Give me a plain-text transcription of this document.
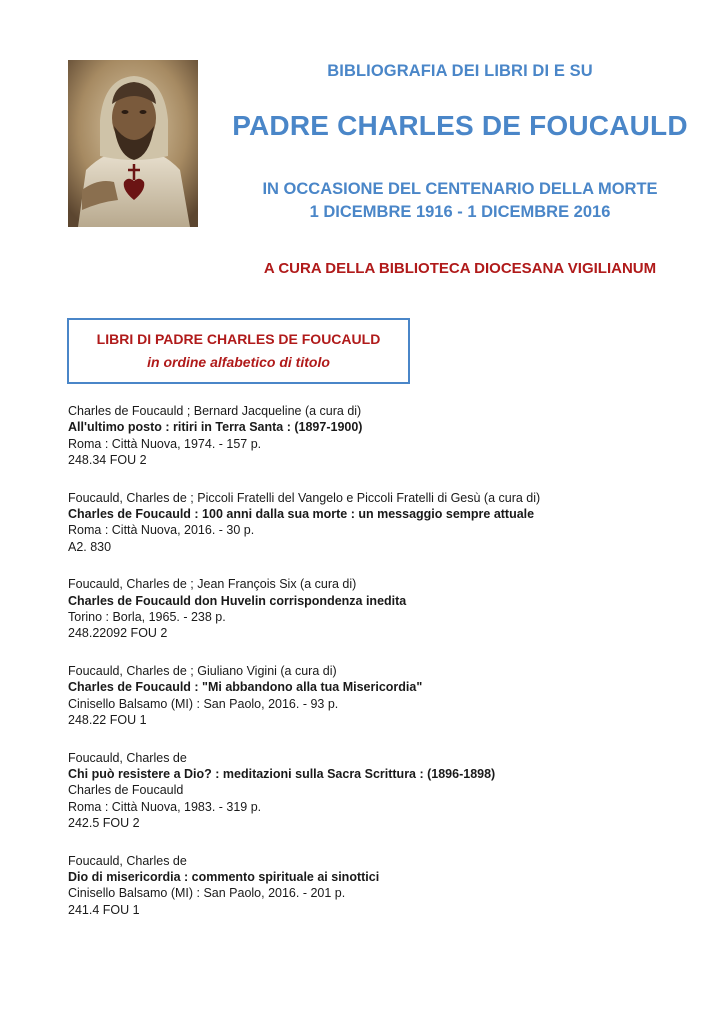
BIBLIOGRAFIA DEI LIBRI DI E SU
PADRE CHARLES DE FOUCAULD
IN OCCASIONE DEL CENTENARIO DELLA MORTE
1 DICEMBRE 1916 - 1 DICEMBRE 2016
A CURA DELLA BIBLIOTECA DIOCESANA VIGILIANUM
LIBRI DI PADRE CHARLES DE FOUCAULD
in ordine alfabetico di titolo
Charles de Foucauld ; Bernard Jacqueline (a cura di)
All'ultimo posto : ritiri in Terra Santa : (1897-1900)
Roma : Città Nuova, 1974. - 157 p.
248.34 FOU 2
Foucauld, Charles de ; Piccoli Fratelli del Vangelo e Piccoli Fratelli di Gesù (a cura di)
Charles de Foucauld : 100 anni dalla sua morte : un messaggio sempre attuale
Roma : Città Nuova, 2016. - 30 p.
A2. 830
Foucauld, Charles de ; Jean François Six (a cura di)
Charles de Foucauld don Huvelin corrispondenza inedita
Torino : Borla, 1965. - 238 p.
248.22092 FOU 2
Foucauld, Charles de ; Giuliano Vigini (a cura di)
Charles de Foucauld : "Mi abbandono alla tua Misericordia"
Cinisello Balsamo (MI) : San Paolo, 2016. - 93 p.
248.22 FOU 1
Foucauld, Charles de
Chi può resistere a Dio? : meditazioni sulla Sacra Scrittura : (1896-1898)
Charles de Foucauld
Roma : Città Nuova, 1983. - 319 p.
242.5 FOU 2
Foucauld, Charles de
Dio di misericordia : commento spirituale ai sinottici
Cinisello Balsamo (MI) : San Paolo, 2016. - 201 p.
241.4 FOU 1
